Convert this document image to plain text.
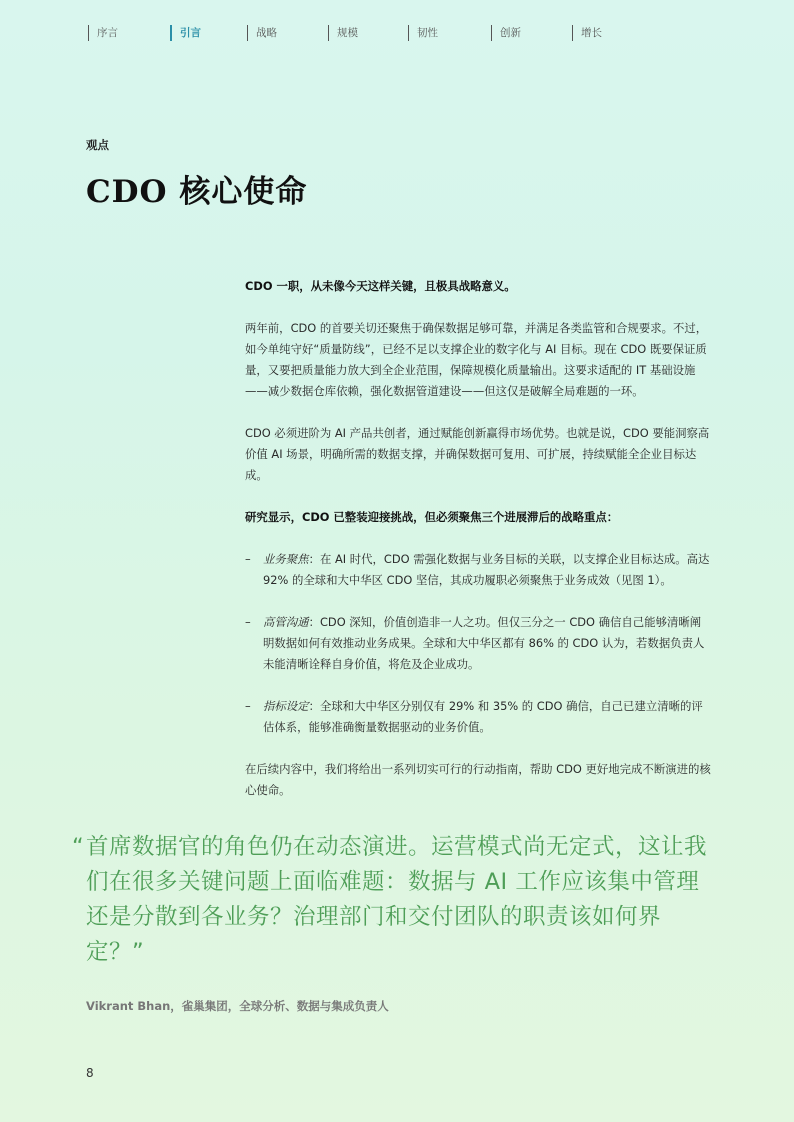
序言	引言	战略	规模	韧性	创新	增长
观点
CDO 核心使命

CDO 一职，从未像今天这样关键，且极具战略意义。

两年前，CDO 的首要关切还聚焦于确保数据足够可靠，并满足各类监管和合规要求。不过，如今单纯守好“质量防线”，已经不足以支撑企业的数字化与 AI 目标。现在 CDO 既要保证质量，又要把质量能力放大到全企业范围，保障规模化质量输出。这要求适配的 IT 基础设施——减少数据仓库依赖，强化数据管道建设——但这仅是破解全局难题的一环。

CDO 必须进阶为 AI 产品共创者，通过赋能创新赢得市场优势。也就是说，CDO 要能洞察高价值 AI 场景，明确所需的数据支撑，并确保数据可复用、可扩展，持续赋能全企业目标达成。

研究显示，CDO 已整装迎接挑战，但必须聚焦三个进展滞后的战略重点：

– 业务聚焦：在 AI 时代，CDO 需强化数据与业务目标的关联，以支撑企业目标达成。高达 92% 的全球和大中华区 CDO 坚信，其成功履职必须聚焦于业务成效（见图 1）。
– 高管沟通：CDO 深知，价值创造非一人之功。但仅三分之一 CDO 确信自己能够清晰阐明数据如何有效推动业务成果。全球和大中华区都有 86% 的 CDO 认为，若数据负责人未能清晰诠释自身价值，将危及企业成功。
– 指标设定：全球和大中华区分别仅有 29% 和 35% 的 CDO 确信，自己已建立清晰的评估体系，能够准确衡量数据驱动的业务价值。

在后续内容中，我们将给出一系列切实可行的行动指南，帮助 CDO 更好地完成不断演进的核心使命。

“ 首席数据官的角色仍在动态演进。运营模式尚无定式，这让我们在很多关键问题上面临难题：数据与 AI 工作应该集中管理还是分散到各业务？治理部门和交付团队的职责该如何界定？”
Vikrant Bhan，雀巢集团，全球分析、数据与集成负责人
8
